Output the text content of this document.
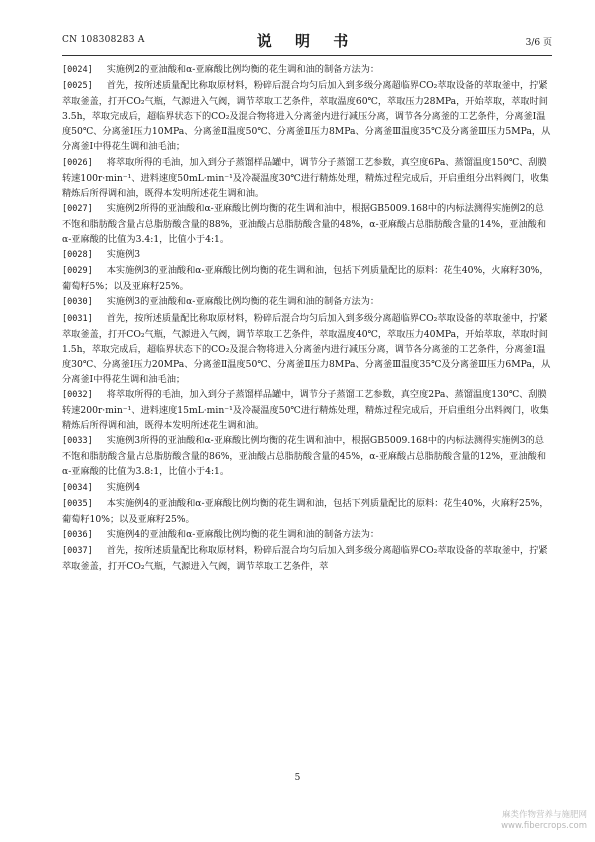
CN 108308283 A	说 明 书	3/6 页

[0024] 实施例2的亚油酸和α-亚麻酸比例均衡的花生调和油的制备方法为：

[0025] 首先，按所述质量配比称取原材料，粉碎后混合均匀后加入到多级分离超临界CO₂萃取设备的萃取釜中，拧紧萃取釜盖，打开CO₂气瓶，气源进入气阀，调节萃取工艺条件，萃取温度60℃，萃取压力28MPa，开始萃取，萃取时间3.5h，萃取完成后，超临界状态下的CO₂及混合物将进入分离釜内进行减压分离，调节各分离釜的工艺条件，分离釜Ⅰ温度50℃、分离釜Ⅰ压力10MPa、分离釜Ⅱ温度50℃、分离釜Ⅱ压力8MPa、分离釜Ⅲ温度35℃及分离釜Ⅲ压力5MPa，从分离釜Ⅰ中得花生调和油毛油；

[0026] 将萃取所得的毛油，加入到分子蒸馏样品罐中，调节分子蒸馏工艺参数，真空度6Pa、蒸馏温度150℃、刮膜转速100r·min⁻¹、进料速度50mL·min⁻¹及冷凝温度30℃进行精炼处理，精炼过程完成后，开启重组分出料阀门，收集精炼后所得调和油，既得本发明所述花生调和油。

[0027] 实施例2所得的亚油酸和α-亚麻酸比例均衡的花生调和油中，根据GB5009.168中的内标法测得实施例2的总不饱和脂肪酸含量占总脂肪酸含量的88%，亚油酸占总脂肪酸含量的48%，α-亚麻酸占总脂肪酸含量的14%，亚油酸和α-亚麻酸的比值为3.4:1，比值小于4:1。

[0028] 实施例3

[0029] 本实施例3的亚油酸和α-亚麻酸比例均衡的花生调和油，包括下列质量配比的原料：花生40%，火麻籽30%，葡萄籽5%；以及亚麻籽25%。

[0030] 实施例3的亚油酸和α-亚麻酸比例均衡的花生调和油的制备方法为：

[0031] 首先，按所述质量配比称取原材料，粉碎后混合均匀后加入到多级分离超临界CO₂萃取设备的萃取釜中，拧紧萃取釜盖，打开CO₂气瓶，气源进入气阀，调节萃取工艺条件，萃取温度40℃，萃取压力40MPa，开始萃取，萃取时间1.5h，萃取完成后，超临界状态下的CO₂及混合物将进入分离釜内进行减压分离，调节各分离釜的工艺条件，分离釜Ⅰ温度30℃、分离釜Ⅰ压力20MPa、分离釜Ⅱ温度50℃、分离釜Ⅱ压力8MPa、分离釜Ⅲ温度35℃及分离釜Ⅲ压力6MPa，从分离釜Ⅰ中得花生调和油毛油；

[0032] 将萃取所得的毛油，加入到分子蒸馏样品罐中，调节分子蒸馏工艺参数，真空度2Pa、蒸馏温度130℃、刮膜转速200r·min⁻¹、进料速度15mL·min⁻¹及冷凝温度50℃进行精炼处理，精炼过程完成后，开启重组分出料阀门，收集精炼后所得调和油，既得本发明所述花生调和油。

[0033] 实施例3所得的亚油酸和α-亚麻酸比例均衡的花生调和油中，根据GB5009.168中的内标法测得实施例3的总不饱和脂肪酸含量占总脂肪酸含量的86%，亚油酸占总脂肪酸含量的45%，α-亚麻酸占总脂肪酸含量的12%，亚油酸和α-亚麻酸的比值为3.8:1，比值小于4:1。

[0034] 实施例4

[0035] 本实施例4的亚油酸和α-亚麻酸比例均衡的花生调和油，包括下列质量配比的原料：花生40%，火麻籽25%，葡萄籽10%；以及亚麻籽25%。

[0036] 实施例4的亚油酸和α-亚麻酸比例均衡的花生调和油的制备方法为：

[0037] 首先，按所述质量配比称取原材料，粉碎后混合均匀后加入到多级分离超临界CO₂萃取设备的萃取釜中，拧紧萃取釜盖，打开CO₂气瓶，气源进入气阀，调节萃取工艺条件，萃

5
麻类作物营养与施肥网
www.fibercrops.com
